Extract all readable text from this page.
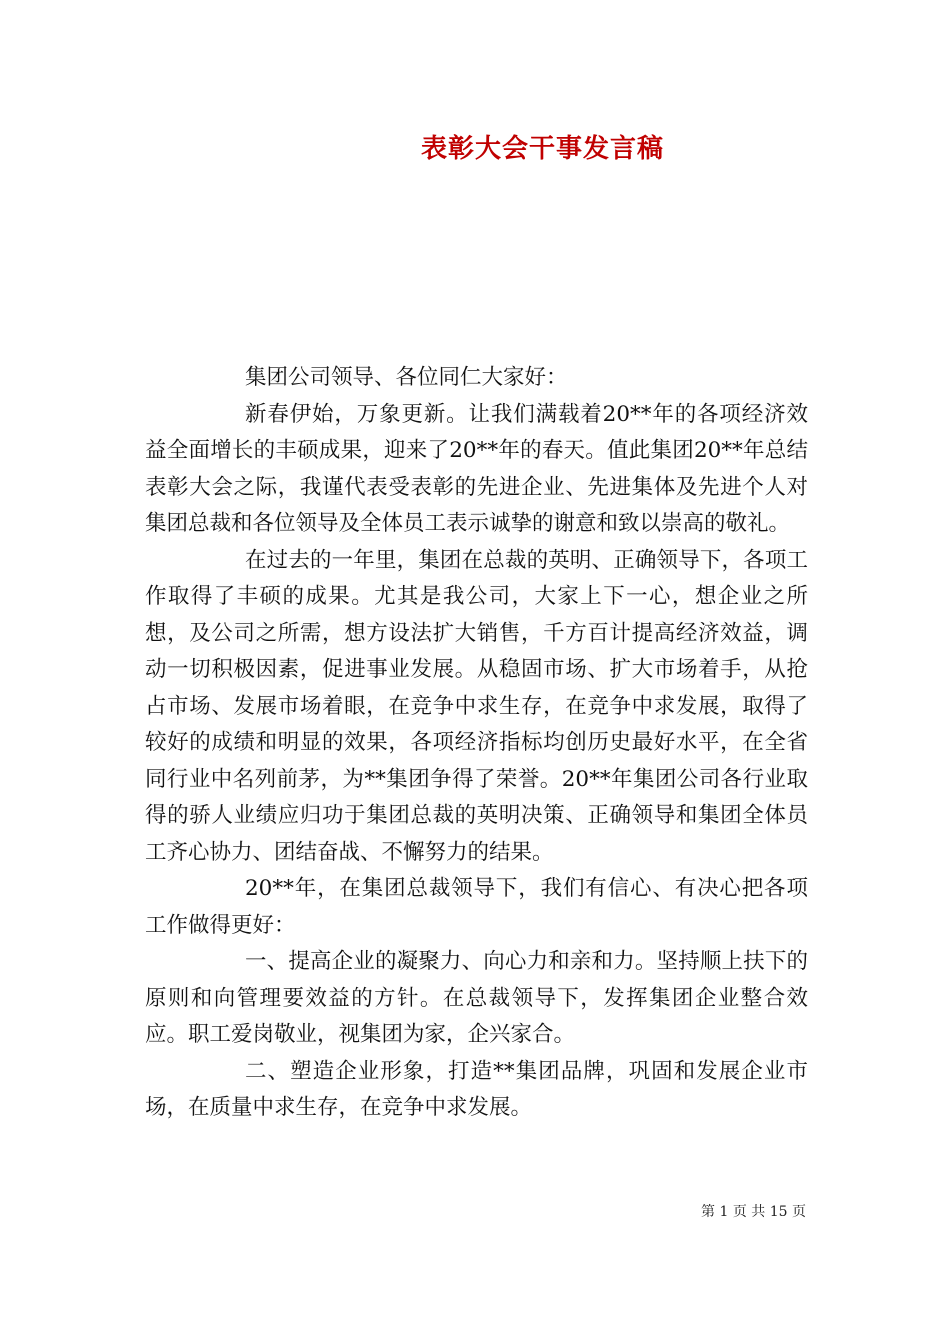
表彰大会干事发言稿

集团公司领导、各位同仁大家好：

新春伊始，万象更新。让我们满载着20**年的各项经济效益全面增长的丰硕成果，迎来了20**年的春天。值此集团20**年总结表彰大会之际，我谨代表受表彰的先进企业、先进集体及先进个人对集团总裁和各位领导及全体员工表示诚挚的谢意和致以崇高的敬礼。

在过去的一年里，集团在总裁的英明、正确领导下，各项工作取得了丰硕的成果。尤其是我公司，大家上下一心，想企业之所想，及公司之所需，想方设法扩大销售，千方百计提高经济效益，调动一切积极因素，促进事业发展。从稳固市场、扩大市场着手，从抢占市场、发展市场着眼，在竞争中求生存，在竞争中求发展，取得了较好的成绩和明显的效果，各项经济指标均创历史最好水平，在全省同行业中名列前茅，为**集团争得了荣誉。20**年集团公司各行业取得的骄人业绩应归功于集团总裁的英明决策、正确领导和集团全体员工齐心协力、团结奋战、不懈努力的结果。

20**年，在集团总裁领导下，我们有信心、有决心把各项工作做得更好：

一、提高企业的凝聚力、向心力和亲和力。坚持顺上扶下的原则和向管理要效益的方针。在总裁领导下，发挥集团企业整合效应。职工爱岗敬业，视集团为家，企兴家合。

二、塑造企业形象，打造**集团品牌，巩固和发展企业市场，在质量中求生存，在竞争中求发展。

第 1 页 共 15 页
